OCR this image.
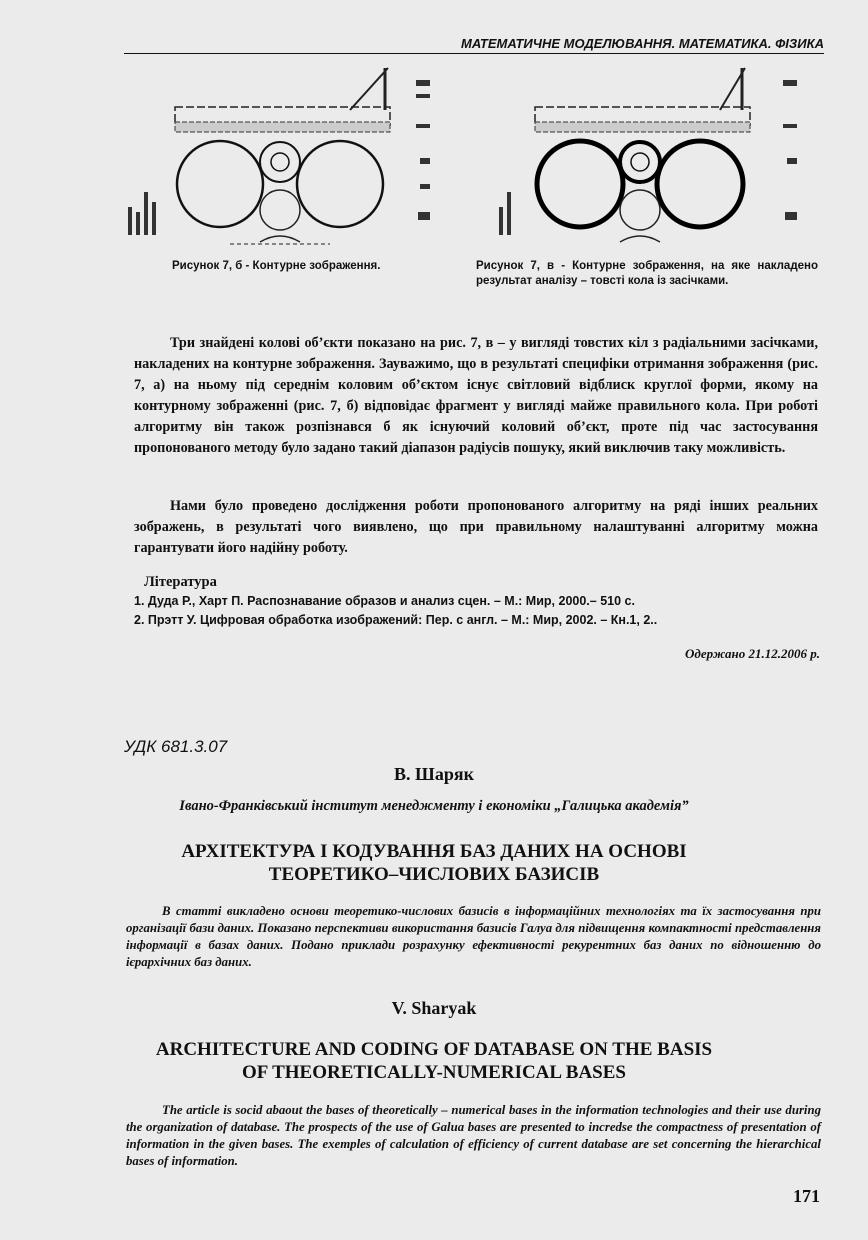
МАТЕМАТИЧНЕ МОДЕЛЮВАННЯ. МАТЕМАТИКА. ФІЗИКА
Рисунок 7, б - Контурне зображення.	Рисунок 7, в - Контурне зображення, на яке накладено результат аналізу – товсті кола із засічками.

Три знайдені колові об’єкти показано на рис. 7, в – у вигляді товстих кіл з радіальними засічками, накладених на контурне зображення. Зауважимо, що в результаті специфіки отримання зображення (рис. 7, а) на ньому під середнім коловим об’єктом існує світловий відблиск круглої форми, якому на контурному зображенні (рис. 7, б) відповідає фрагмент у вигляді майже правильного кола. При роботі алгоритму він також розпізнався б як існуючий коловий об’єкт, проте під час застосування пропонованого методу було задано такий діапазон радіусів пошуку, який виключив таку можливість.

Нами було проведено дослідження роботи пропонованого алгоритму на ряді інших реальних зображень, в результаті чого виявлено, що при правильному налаштуванні алгоритму можна гарантувати його надійну роботу.

Література
1. Дуда Р., Харт П. Распознавание образов и анализ сцен. – М.: Мир, 2000.– 510 с.
2. Прэтт У. Цифровая обработка изображений: Пер. с англ. – М.: Мир, 2002. – Кн.1, 2..
Одержано 21.12.2006 р.
УДК 681.3.07
В. Шаряк
Івано-Франківський інститут менеджменту і економіки „Галицька академія”
АРХІТЕКТУРА І КОДУВАННЯ БАЗ ДАНИХ НА ОСНОВІ
ТЕОРЕТИКО–ЧИСЛОВИХ БАЗИСІВ
В статті викладено основи теоретико-числових базисів в інформаційних технологіях та їх застосування при організації бази даних. Показано перспективи використання базисів Галуа для підвищення компактності представлення інформації в базах даних. Подано приклади розрахунку ефективності рекурентних баз даних по відношенню до ієрархічних баз даних.
V. Sharyak
ARCHITECTURE AND CODING OF DATABASE ON THE BASIS
OF THEORETICALLY-NUMERICAL BASES
The article is socid abaout the bases of theoretically – numerical bases in the information technologies and their use during the organization of database. The prospects of the use of Galua bases are presented to incredse the compactness of presentation of information in the given bases. The exemples of calculation of efficiency of current database are set concerning the hierarchical bases of information.
171
